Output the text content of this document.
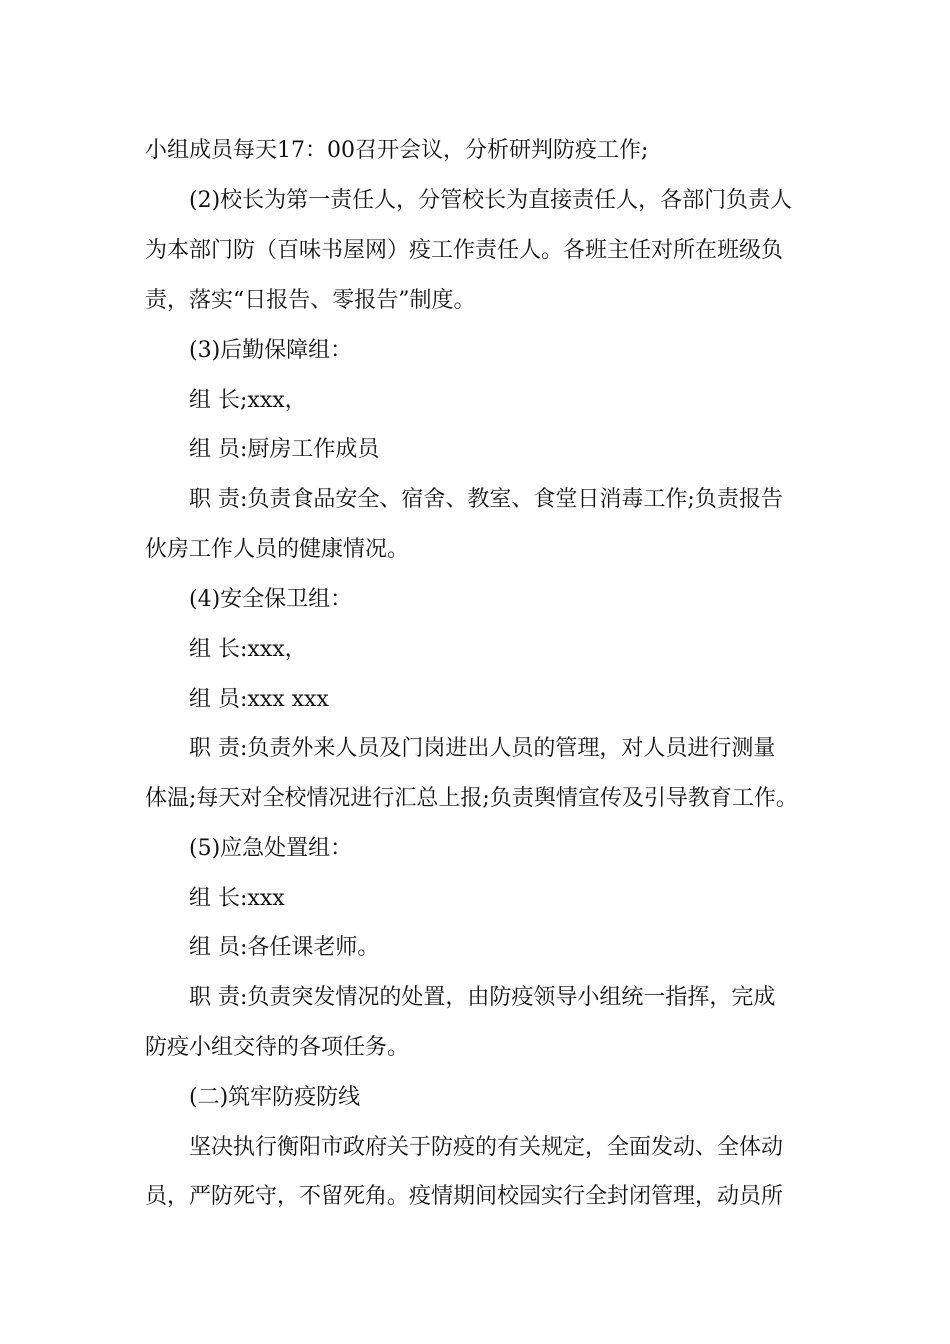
小组成员每天17：00召开会议，分析研判防疫工作;
(2)校长为第一责任人，分管校长为直接责任人，各部门负责人
为本部门防（百味书屋网）疫工作责任人。各班主任对所在班级负
责，落实“日报告、零报告”制度。
(3)后勤保障组：
组 长;xxx，
组 员:厨房工作成员
职 责:负责食品安全、宿舍、教室、食堂日消毒工作;负责报告
伙房工作人员的健康情况。
(4)安全保卫组：
组 长:xxx，
组 员:xxx xxx
职 责:负责外来人员及门岗进出人员的管理，对人员进行测量
体温;每天对全校情况进行汇总上报;负责舆情宣传及引导教育工作。
(5)应急处置组：
组 长:xxx
组 员:各任课老师。
职 责:负责突发情况的处置，由防疫领导小组统一指挥，完成
防疫小组交待的各项任务。
(二)筑牢防疫防线
坚决执行衡阳市政府关于防疫的有关规定，全面发动、全体动
员，严防死守，不留死角。疫情期间校园实行全封闭管理，动员所
